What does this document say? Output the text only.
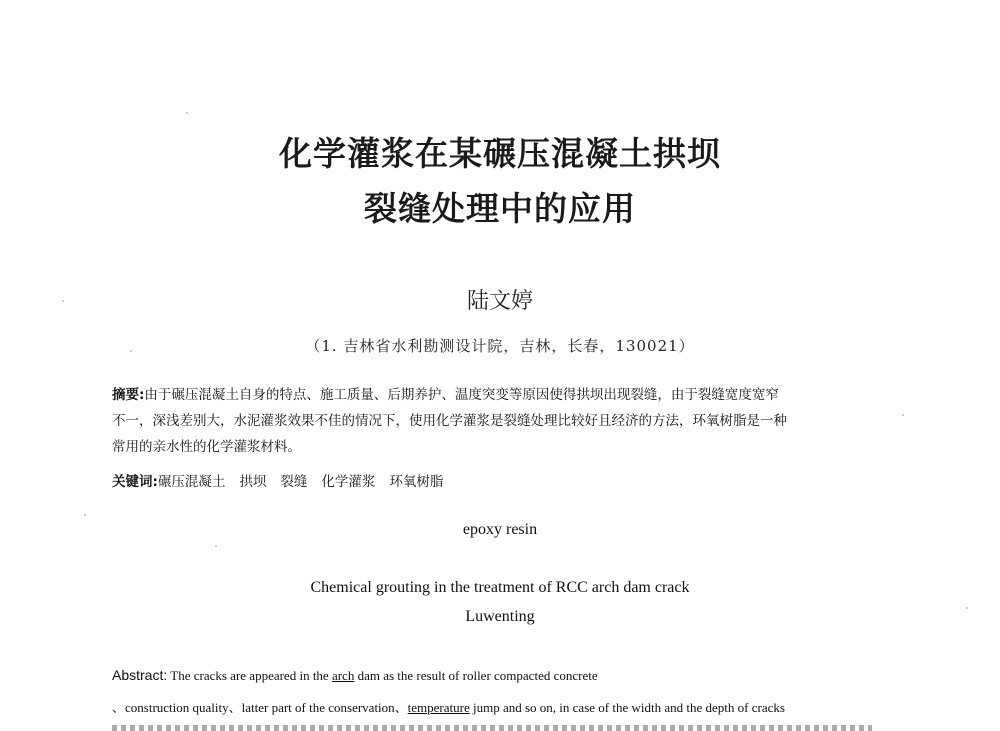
化学灌浆在某碾压混凝土拱坝
裂缝处理中的应用
陆文婷
（1. 吉林省水利勘测设计院，吉林，长春，130021）
摘要:由于碾压混凝土自身的特点、施工质量、后期养护、温度突变等原因使得拱坝出现裂缝，由于裂缝宽度宽窄
不一，深浅差别大，水泥灌浆效果不佳的情况下，使用化学灌浆是裂缝处理比较好且经济的方法，环氧树脂是一种
常用的亲水性的化学灌浆材料。
关键词:碾压混凝土 拱坝 裂缝 化学灌浆 环氧树脂
epoxy resin
Chemical grouting in the treatment of RCC arch dam crack
Luwenting
Abstract: The cracks are appeared in the arch dam as the result of roller compacted concrete
、construction quality、latter part of the conservation、temperature jump and so on, in case of the width and the depth of cracks
